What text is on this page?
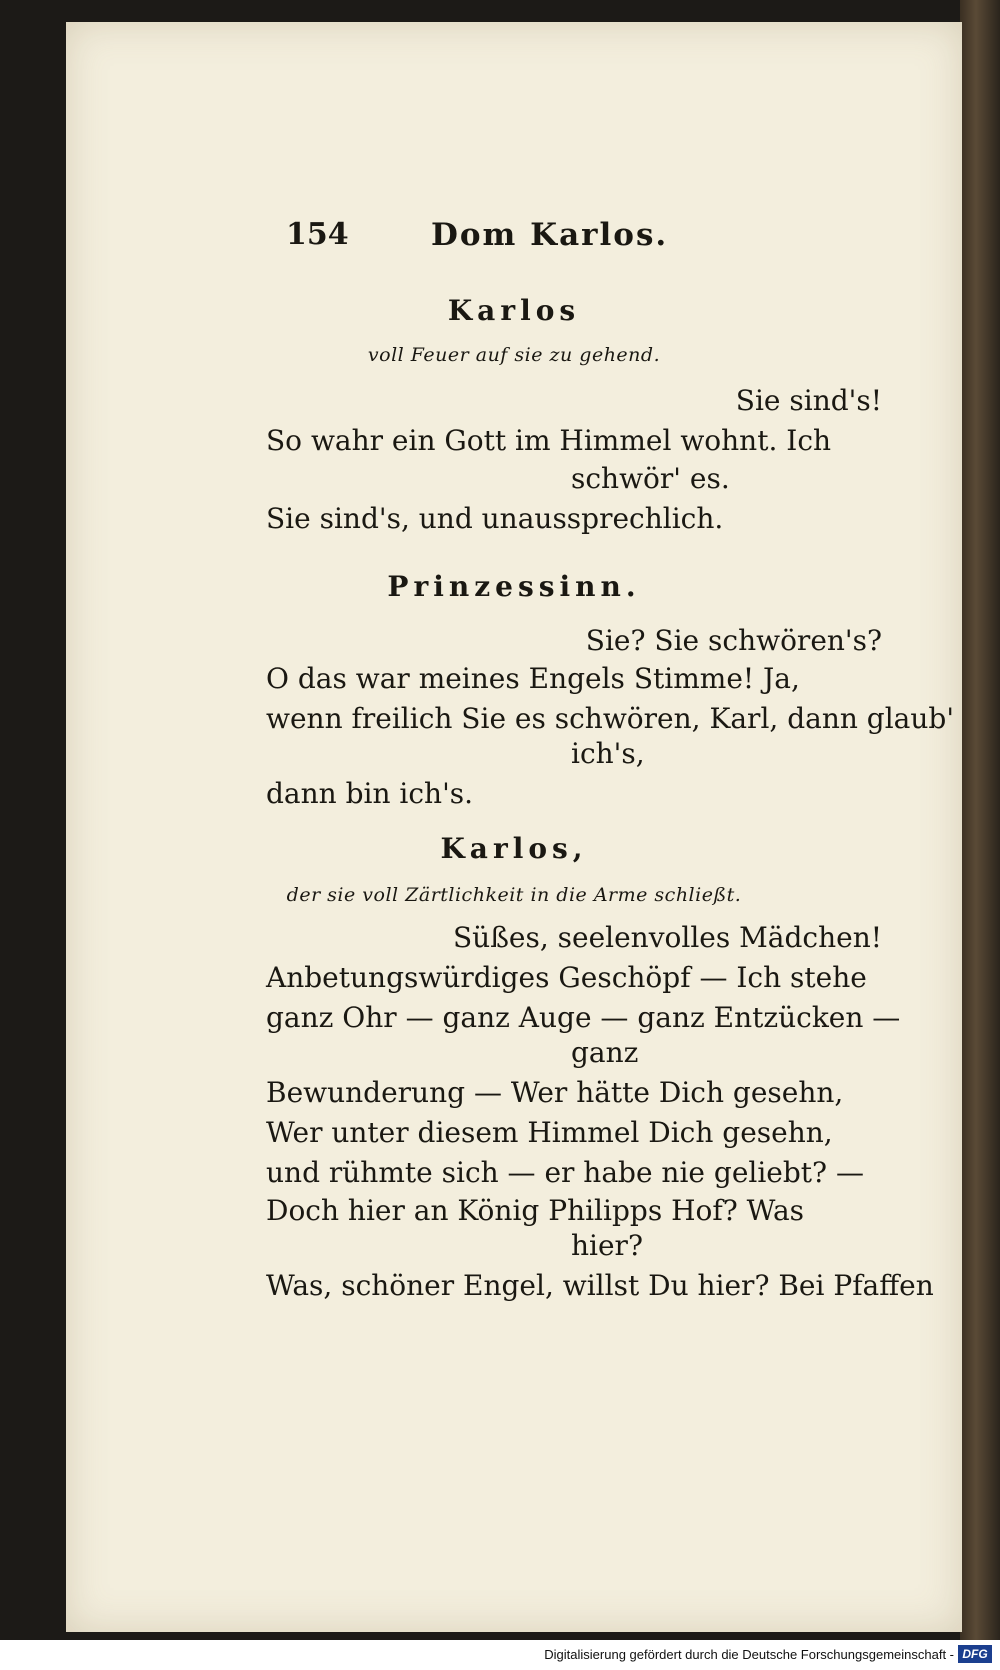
154	Dom Karlos.
Karlos
voll Feuer auf sie zu gehend.
Sie sind's!
So wahr ein Gott im Himmel wohnt. Ich
schwör' es.
Sie sind's, und unaussprechlich.
Prinzessinn.
Sie? Sie schwören's?
O das war meines Engels Stimme! Ja,
wenn freilich Sie es schwören, Karl, dann glaub'
ich's,
dann bin ich's.
Karlos,
der sie voll Zärtlichkeit in die Arme schließt.
Süßes, seelenvolles Mädchen!
Anbetungswürdiges Geschöpf — Ich stehe
ganz Ohr — ganz Auge — ganz Entzücken —
ganz
Bewunderung — Wer hätte Dich gesehn,
Wer unter diesem Himmel Dich gesehn,
und rühmte sich — er habe nie geliebt? —
Doch hier an König Philipps Hof? Was
hier?
Was, schöner Engel, willst Du hier? Bei Pfaffen
Digitalisierung gefördert durch die Deutsche Forschungsgemeinschaft - DFG
